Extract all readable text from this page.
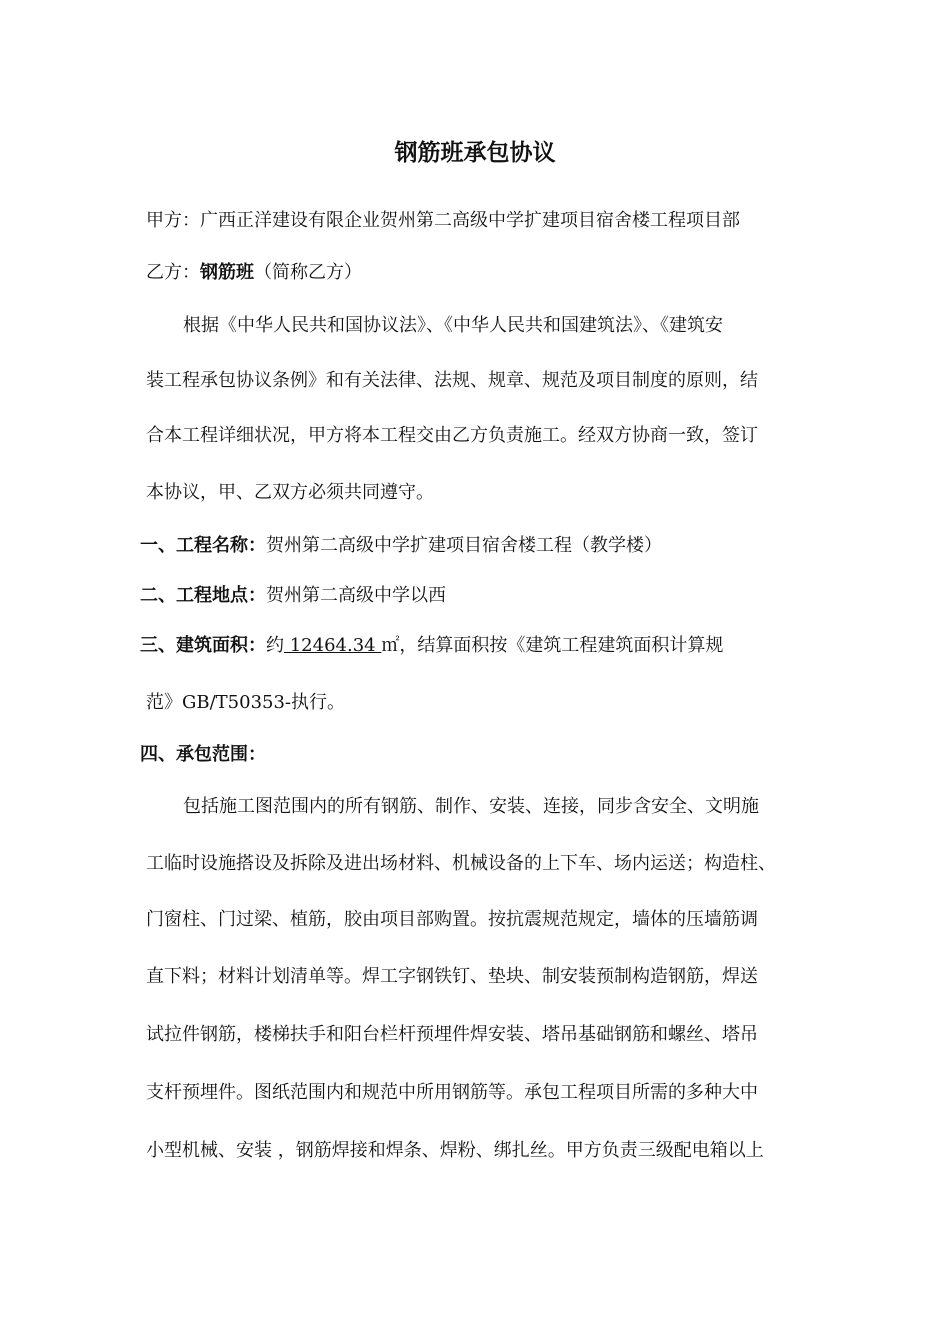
钢筋班承包协议
甲方：广西正洋建设有限企业贺州第二高级中学扩建项目宿舍楼工程项目部
乙方：钢筋班（简称乙方）
根据《中华人民共和国协议法》、《中华人民共和国建筑法》、《建筑安
装工程承包协议条例》和有关法律、法规、规章、规范及项目制度的原则，结
合本工程详细状况，甲方将本工程交由乙方负责施工。经双方协商一致，签订
本协议，甲、乙双方必须共同遵守。
一、工程名称：贺州第二高级中学扩建项目宿舍楼工程（教学楼）
二、工程地点：贺州第二高级中学以西
三、建筑面积：约 12464.34 ㎡，结算面积按《建筑工程建筑面积计算规
范》GB/T50353-执行。
四、承包范围：
包括施工图范围内的所有钢筋、制作、安装、连接，同步含安全、文明施
工临时设施搭设及拆除及进出场材料、机械设备的上下车、场内运送；构造柱、
门窗柱、门过梁、植筋，胶由项目部购置。按抗震规范规定，墙体的压墙筋调
直下料；材料计划清单等。焊工字钢铁钉、垫块、制安装预制构造钢筋，焊送
试拉件钢筋，楼梯扶手和阳台栏杆预埋件焊安装、塔吊基础钢筋和螺丝、塔吊
支杆预埋件。图纸范围内和规范中所用钢筋等。承包工程项目所需的多种大中
小型机械、安装 ，钢筋焊接和焊条、焊粉、绑扎丝。甲方负责三级配电箱以上
